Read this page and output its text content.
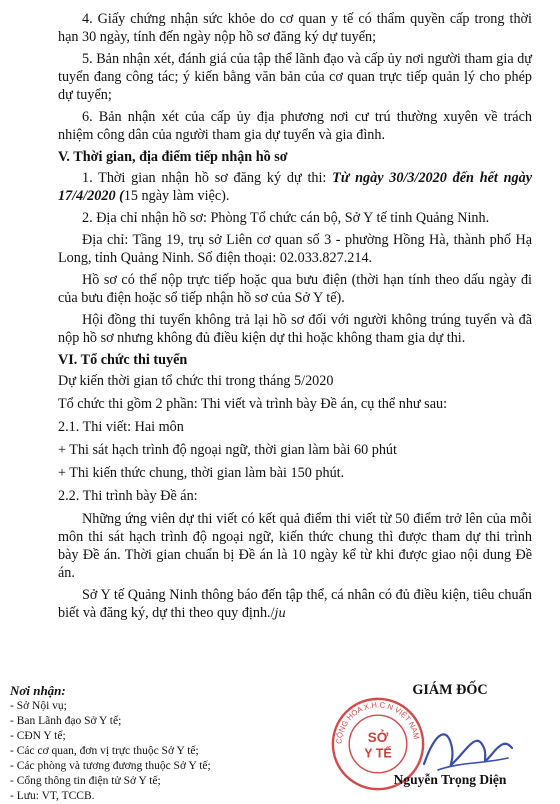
4. Giấy chứng nhận sức khỏe do cơ quan y tế có thẩm quyền cấp trong thời hạn 30 ngày, tính đến ngày nộp hồ sơ đăng ký dự tuyển;

5. Bản nhận xét, đánh giá của tập thể lãnh đạo và cấp ủy nơi người tham gia dự tuyển đang công tác; ý kiến bằng văn bản của cơ quan trực tiếp quản lý cho phép dự tuyển;

6. Bản nhận xét của cấp ủy địa phương nơi cư trú thường xuyên về trách nhiệm công dân của người tham gia dự tuyển và gia đình.

V. Thời gian, địa điểm tiếp nhận hồ sơ

1. Thời gian nhận hồ sơ đăng ký dự thi: Từ ngày 30/3/2020 đến hết ngày 17/4/2020 (15 ngày làm việc).

2. Địa chỉ nhận hồ sơ: Phòng Tổ chức cán bộ, Sở Y tế tỉnh Quảng Ninh.

Địa chỉ: Tầng 19, trụ sở Liên cơ quan số 3 - phường Hồng Hà, thành phố Hạ Long, tỉnh Quảng Ninh. Số điện thoại: 02.033.827.214.

Hồ sơ có thể nộp trực tiếp hoặc qua bưu điện (thời hạn tính theo dấu ngày đi của bưu điện hoặc sổ tiếp nhận hồ sơ của Sở Y tế).

Hội đồng thi tuyển không trả lại hồ sơ đối với người không trúng tuyển và đã nộp hồ sơ nhưng không đủ điều kiện dự thi hoặc không tham gia dự thi.

VI. Tổ chức thi tuyển

Dự kiến thời gian tổ chức thi trong tháng 5/2020

Tổ chức thi gồm 2 phần: Thi viết và trình bày Đề án, cụ thể như sau:

2.1. Thi viết: Hai môn

+ Thi sát hạch trình độ ngoại ngữ, thời gian làm bài 60 phút

+ Thi kiến thức chung, thời gian làm bài 150 phút.

2.2. Thi trình bày Đề án:

Những ứng viên dự thi viết có kết quả điểm thi viết từ 50 điểm trở lên của mỗi môn thi sát hạch trình độ ngoại ngữ, kiến thức chung thì được tham dự thi trình bày Đề án. Thời gian chuẩn bị Đề án là 10 ngày kể từ khi được giao nội dung Đề án.

Sở Y tế Quảng Ninh thông báo đến tập thể, cá nhân có đủ điều kiện, tiêu chuẩn biết và đăng ký, dự thi theo quy định./ju

Nơi nhận:
- Sở Nội vụ;
- Ban Lãnh đạo Sở Y tế;
- CĐN Y tế;
- Các cơ quan, đơn vị trực thuộc Sở Y tế;
- Các phòng và tương đương thuộc Sở Y tế;
- Cổng thông tin điện tử Sở Y tế;
- Lưu: VT, TCCB.
CỘNG HÒA X.H.C.N VIỆT NAM
SỞ
Y TẾ
GIÁM ĐỐC
Nguyễn Trọng Diện
